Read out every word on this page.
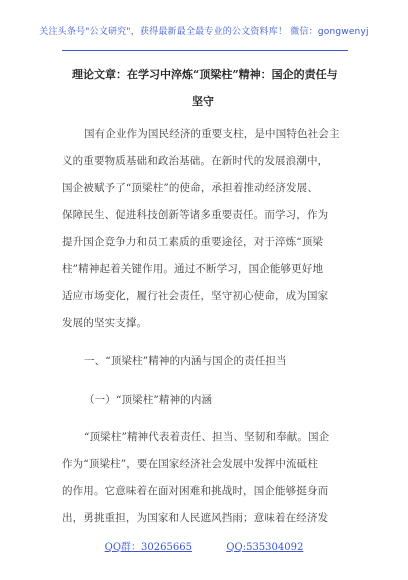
关注头条号"公文研究"，获得最新最全最专业的公文资料库！ 微信：gongwenyj
理论文章：在学习中淬炼“顶梁柱”精神：国企的责任与
坚守
国有企业作为国民经济的重要支柱，是中国特色社会主
义的重要物质基础和政治基础。在新时代的发展浪潮中，
国企被赋予了“顶梁柱”的使命，承担着推动经济发展、
保障民生、促进科技创新等诸多重要责任。而学习，作为
提升国企竞争力和员工素质的重要途径，对于淬炼“顶梁
柱”精神起着关键作用。通过不断学习，国企能够更好地
适应市场变化，履行社会责任，坚守初心使命，成为国家
发展的坚实支撑。
一、“顶梁柱”精神的内涵与国企的责任担当
（一）“顶梁柱”精神的内涵
“顶梁柱”精神代表着责任、担当、坚韧和奉献。国企
作为“顶梁柱”，要在国家经济社会发展中发挥中流砥柱
的作用。它意味着在面对困难和挑战时，国企能够挺身而
出，勇挑重担，为国家和人民遮风挡雨；意味着在经济发
QQ群：30265665	QQ:535304092
